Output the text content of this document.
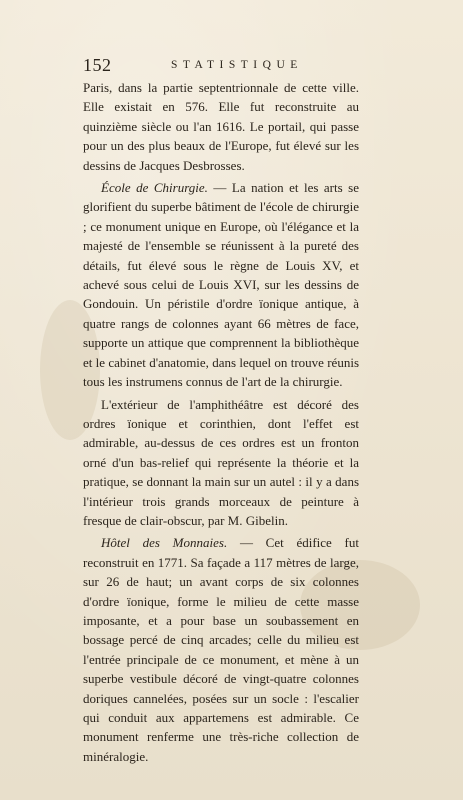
152	STATISTIQUE

Paris, dans la partie septentrionnale de cette ville. Elle existait en 576. Elle fut reconstruite au quinzième siècle ou l'an 1616. Le portail, qui passe pour un des plus beaux de l'Europe, fut élevé sur les dessins de Jacques Desbrosses.

École de Chirurgie. — La nation et les arts se glorifient du superbe bâtiment de l'école de chirurgie ; ce monument unique en Europe, où l'élégance et la majesté de l'ensemble se réunissent à la pureté des détails, fut élevé sous le règne de Louis XV, et achevé sous celui de Louis XVI, sur les dessins de Gondouin. Un péristile d'ordre ïonique antique, à quatre rangs de colonnes ayant 66 mètres de face, supporte un attique que comprennent la bibliothèque et le cabinet d'anatomie, dans lequel on trouve réunis tous les instrumens connus de l'art de la chirurgie.

L'extérieur de l'amphithéâtre est décoré des ordres ïonique et corinthien, dont l'effet est admirable, au-dessus de ces ordres est un fronton orné d'un bas-relief qui représente la théorie et la pratique, se donnant la main sur un autel : il y a dans l'intérieur trois grands morceaux de peinture à fresque de clair-obscur, par M. Gibelin.

Hôtel des Monnaies. — Cet édifice fut reconstruit en 1771. Sa façade a 117 mètres de large, sur 26 de haut; un avant corps de six colonnes d'ordre ïonique, forme le milieu de cette masse imposante, et a pour base un soubassement en bossage percé de cinq arcades; celle du milieu est l'entrée principale de ce monument, et mène à un superbe vestibule décoré de vingt-quatre colonnes doriques cannelées, posées sur un socle : l'escalier qui conduit aux appartemens est admirable. Ce monument renferme une très-riche collection de minéralogie.
